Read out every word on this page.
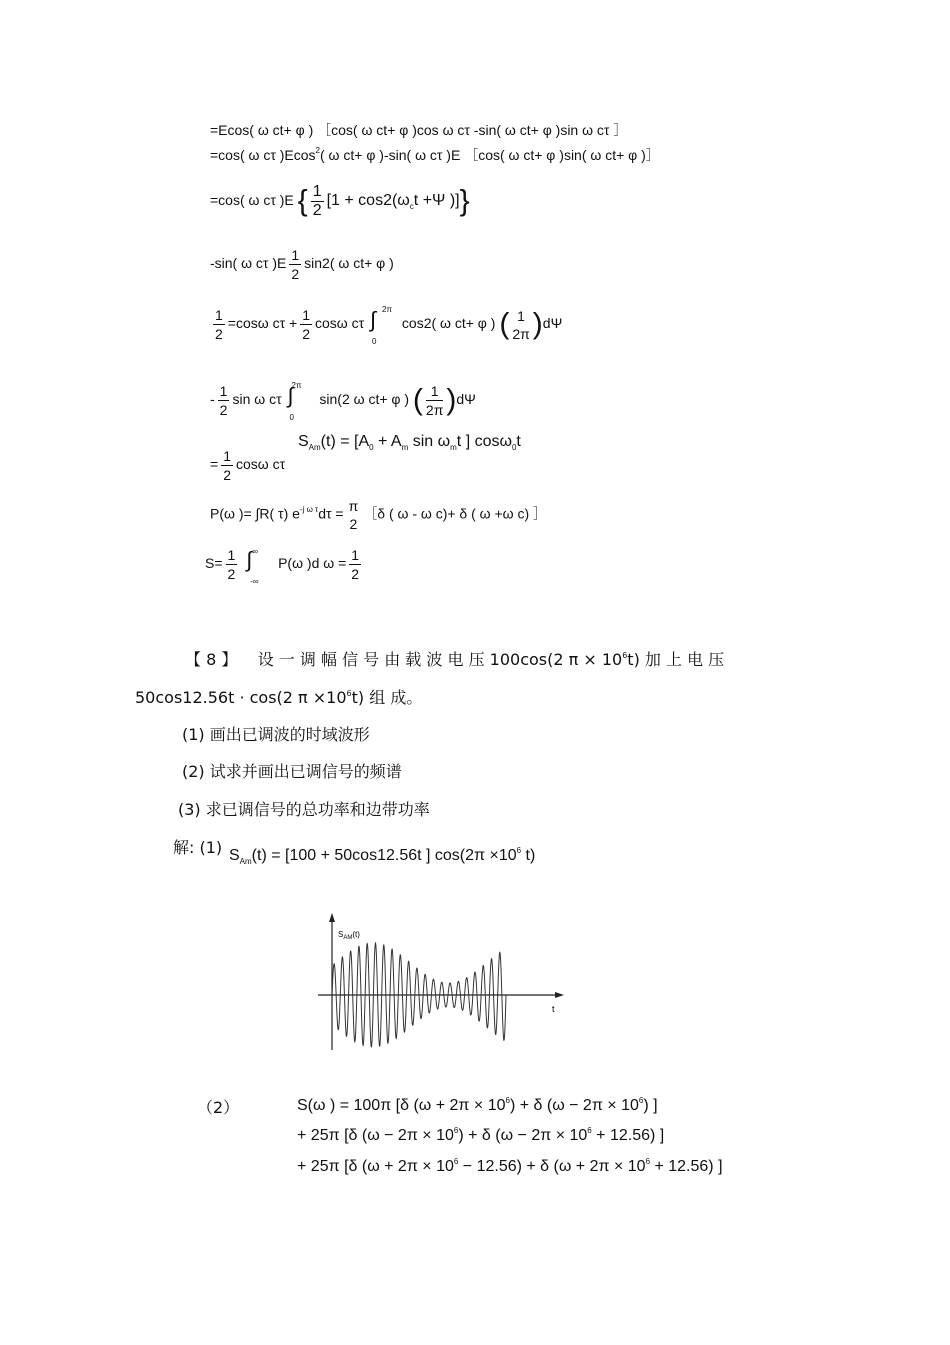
=Ecos( ω ct+ φ ) ［cos( ω ct+ φ )cos ω cτ -sin( ω ct+ φ )sin ω cτ ］
=cos( ω cτ )Ecos$^2$( ω ct+ φ )-sin( ω cτ )E ［cos( ω ct+ φ )sin( ω ct+ φ )］
=cos( ω cτ )E { $\frac{1}{2} [1 + \cos 2(\omega_ct +\Psi$ )]}
-sin( ω cτ )$E \frac{1}{2} \sin 2$( ω ct+ φ )
$\frac{1}{2} =\cos\omega$ $c\tau + \frac{1}{2}$ cosω cτ ∫ 2π
0
cos2( ω ct+ φ ) ( 1
2π )dΨ
- $\frac{1}{2}$ sin ω cτ ∫
2π
0
sin(2 ω ct+ φ ) ( $\frac{1}{2\pi} )d\Psi$
$S_{Am}(t) = [A_0 + A_m$ $\sin \omega_mt$ ] cosω$_0$t
= $\frac{1}{2}$ cosω cτ
P(ω )= ∫R( τ) $e^{-j \omega \tau}d\tau = \pi$
2
［δ ( ω - ω c)+ δ ( ω +ω c) ］
$S= \frac{1}{2}$
∫ ∞
-∞
P(ω )d $\omega = \frac{1}{2}$
【 8 】 设 一 调 幅 信 号 由 载 波 电 压 100cos(2 $\pi \times 10^6t$) 加 上 电 压
50cos12.56t · cos(2 $\pi \times 10^6t$) 组 成。
(1) 画出已调波的时域波形
(2) 试求并画出已调信号的频谱
(3) 求已调信号的总功率和边带功率
解: (1) $S_{Am}(t) = [100 + 50\cos 12.56t$ ] $\cos(2\pi \times 10^6$ t)
$S_{AM}(t)$
t
（2）	S(ω ) = 100π [δ $(\omega + 2\pi \times 10^6) + \delta$ $(\omega - 2\pi \times 10^6)$ ]
+ 25π [δ $(\omega - 2\pi \times 10^6) + \delta$ $(\omega - 2\pi \times 10^6 + 12.56)$ ]
+ 25π [δ $(\omega + 2\pi \times 10^6 - 12.56) + \delta$ $(\omega + 2\pi \times 10^6 + 12.56)$ ]
